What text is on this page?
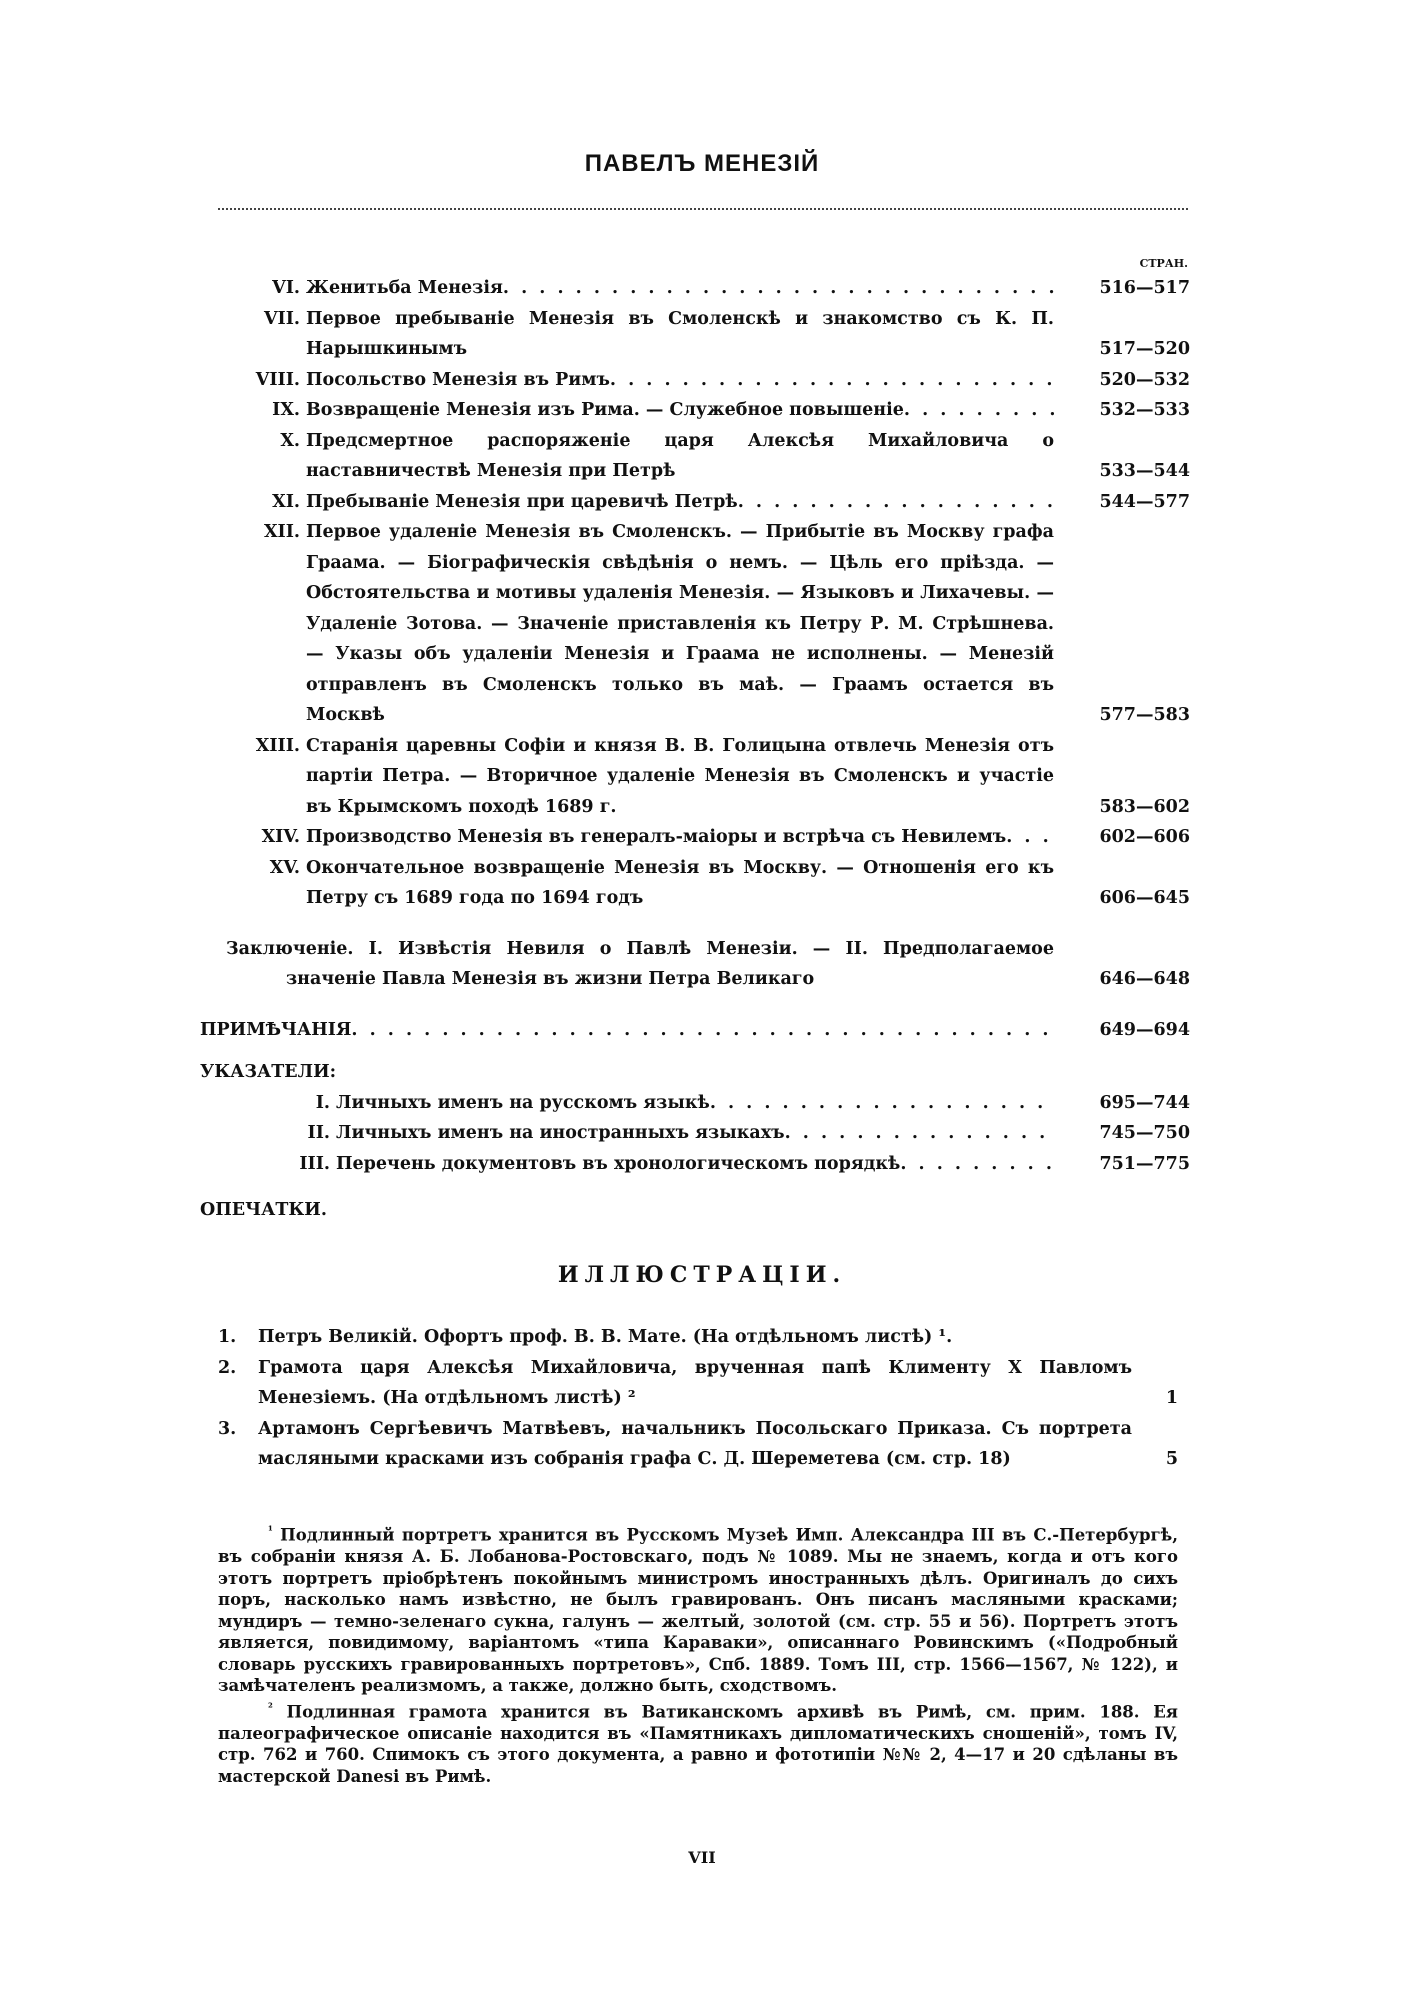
ПАВЕЛЪ МЕНЕЗІЙ
СТРАН.
VI. Женитьба Менезія . . .	516—517
VII. Первое пребываніе Менезія въ Смоленскѣ и знакомство съ К. П. Нарышкинымъ	517—520
VIII. Посольство Менезія въ Римъ . . .	520—532
IX. Возвращеніе Менезія изъ Рима. — Служебное повышеніе . . .	532—533
X. Предсмертное распоряженіе царя Алексѣя Михайловича о наставничествѣ Менезія при Петрѣ	533—544
XI. Пребываніе Менезія при царевичѣ Петрѣ . . .	544—577
XII. Первое удаленіе Менезія въ Смоленскъ. — Прибытіе въ Москву графа Граама. — Біографическія свѣдѣнія о немъ. — Цѣль его пріѣзда. — Обстоятельства и мотивы удаленія Менезія. — Языковъ и Лихачевы. — Удаленіе Зотова. — Значеніе приставленія къ Петру Р. М. Стрѣшнева. — Указы объ удаленіи Менезія и Граама не исполнены. — Менезій отправленъ въ Смоленскъ только въ маѣ. — Граамъ остается въ Москвѣ	577—583
XIII. Старанія царевны Софіи и князя В. В. Голицына отвлечь Менезія отъ партіи Петра. — Вторичное удаленіе Менезія въ Смоленскъ и участіе въ Крымскомъ походѣ 1689 г.	583—602
XIV. Производство Менезія въ генералъ-маіоры и встрѣча съ Невилемъ . . .	602—606
XV. Окончательное возвращеніе Менезія въ Москву. — Отношенія его къ Петру съ 1689 года по 1694 годъ	606—645
Заключеніе. I. Извѣстія Невиля о Павлѣ Менезіи. — II. Предполагаемое значеніе Павла Менезія въ жизни Петра Великаго	646—648
ПРИМѢЧАНІЯ . . .	649—694
УКАЗАТЕЛИ:
I. Личныхъ именъ на русскомъ языкѣ . . .	695—744
II. Личныхъ именъ на иностранныхъ языкахъ . . .	745—750
III. Перечень документовъ въ хронологическомъ порядкѣ . . .	751—775
ОПЕЧАТКИ.
ИЛЛЮСТРАЦІИ.
1.	Петръ Великій. Офортъ проф. В. В. Мате. (На отдѣльномъ листѣ) ¹.
2.	Грамота царя Алексѣя Михайловича, врученная папѣ Клименту X Павломъ Менезіемъ. (На отдѣльномъ листѣ) ²	1
3.	Артамонъ Сергѣевичъ Матвѣевъ, начальникъ Посольскаго Приказа. Съ портрета масляными красками изъ собранія графа С. Д. Шереметева (см. стр. 18)	5

$^{^1}$ Подлинный портретъ хранится въ Русскомъ Музеѣ Имп. Александра III въ С.-Петербургѣ, въ собраніи князя А. Б. Лобанова-Ростовскаго, подъ № 1089. Мы не знаемъ, когда и отъ кого этотъ портретъ пріобрѣтенъ покойнымъ министромъ иностранныхъ дѣлъ. Оригиналъ до сихъ поръ, насколько намъ извѣстно, не былъ гравированъ. Онъ писанъ масляными красками; мундиръ — темно-зеленаго сукна, галунъ — желтый, золотой (см. стр. 55 и 56). Портретъ этотъ является, повидимому, варіантомъ «типа Караваки», описаннаго Ровинскимъ («Подробный словарь русскихъ гравированныхъ портретовъ», Спб. 1889. Томъ III, стр. 1566—1567, № 122), и замѣчателенъ реализмомъ, а также, должно быть, сходствомъ.

$^{^2}$ Подлинная грамота хранится въ Ватиканскомъ архивѣ въ Римѣ, см. прим. 188. Ея палеографическое описаніе находится въ «Памятникахъ дипломатическихъ сношеній», томъ IV, стр. 762 и 760. Спимокъ съ этого документа, а равно и фототипіи №№ 2, 4—17 и 20 сдѣланы въ мастерской Danesi въ Римѣ.

VII
